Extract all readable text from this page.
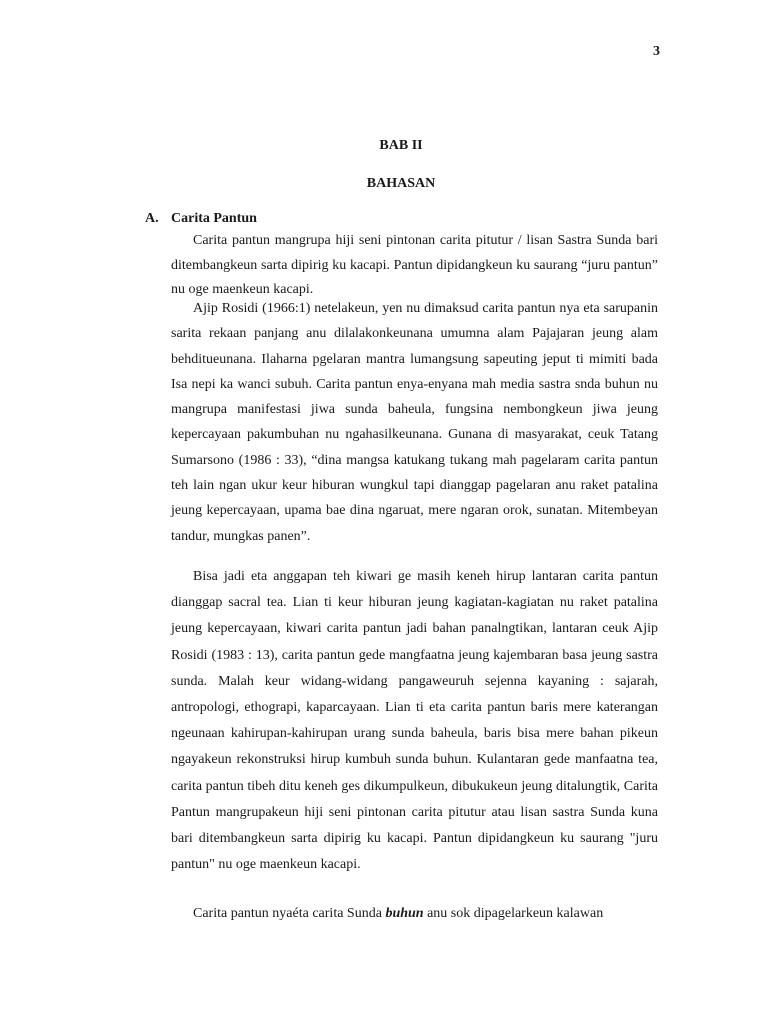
3
BAB II
BAHASAN
A. Carita Pantun

Carita pantun mangrupa hiji seni pintonan carita pitutur / lisan Sastra Sunda bari ditembangkeun sarta dipirig ku kacapi. Pantun dipidangkeun ku saurang “juru pantun” nu oge maenkeun kacapi.

Ajip Rosidi (1966:1) netelakeun, yen nu dimaksud carita pantun nya eta sarupanin sarita rekaan panjang anu dilalakonkeunana umumna alam Pajajaran jeung alam behditueunana. Ilaharna pgelaran mantra lumangsung sapeuting jeput ti mimiti bada Isa nepi ka wanci subuh. Carita pantun enya-enyana mah media sastra snda buhun nu mangrupa manifestasi jiwa sunda baheula, fungsina nembongkeun jiwa jeung kepercayaan pakumbuhan nu ngahasilkeunana. Gunana di masyarakat, ceuk Tatang Sumarsono (1986 : 33), “dina mangsa katukang tukang mah pagelaram carita pantun teh lain ngan ukur keur hiburan wungkul tapi dianggap pagelaran anu raket patalina jeung kepercayaan, upama bae dina ngaruat, mere ngaran orok, sunatan. Mitembeyan tandur, mungkas panen”.

Bisa jadi eta anggapan teh kiwari ge masih keneh hirup lantaran carita pantun dianggap sacral tea. Lian ti keur hiburan jeung kagiatan-kagiatan nu raket patalina jeung kepercayaan, kiwari carita pantun jadi bahan panalngtikan, lantaran ceuk Ajip Rosidi (1983 : 13), carita pantun gede mangfaatna jeung kajembaran basa jeung sastra sunda. Malah keur widang-widang pangaweuruh sejenna kayaning : sajarah, antropologi, ethograpi, kaparcayaan. Lian ti eta carita pantun baris mere katerangan ngeunaan kahirupan-kahirupan urang sunda baheula, baris bisa mere bahan pikeun ngayakeun rekonstruksi hirup kumbuh sunda buhun. Kulantaran gede manfaatna tea, carita pantun tibeh ditu keneh ges dikumpulkeun, dibukukeun jeung ditalungtik, Carita Pantun mangrupakeun hiji seni pintonan carita pitutur atau lisan sastra Sunda kuna bari ditembangkeun sarta dipirig ku kacapi. Pantun dipidangkeun ku saurang "juru pantun" nu oge maenkeun kacapi.

Carita pantun nyaéta carita Sunda buhun anu sok dipagelarkeun kalawan
